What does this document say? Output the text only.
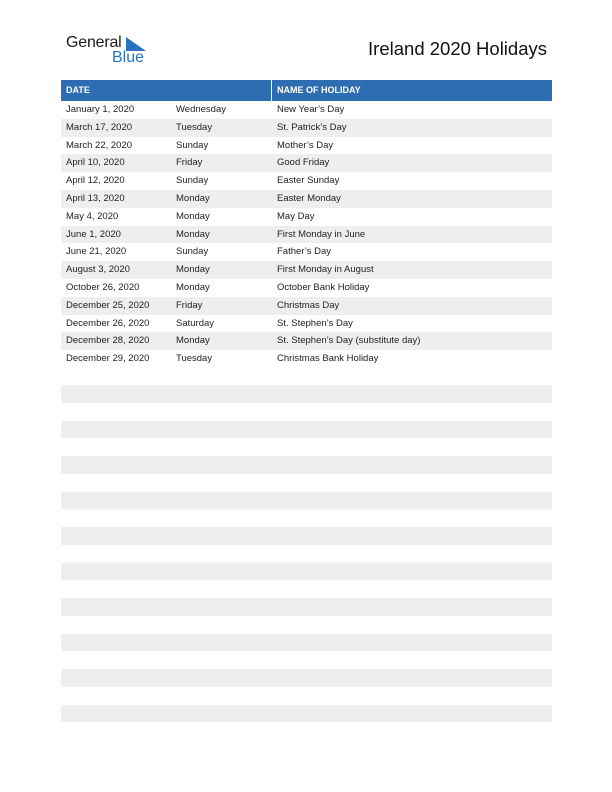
General
Blue	Ireland 2020 Holidays
DATE	NAME OF HOLIDAY
January 1, 2020	Wednesday	New Year’s Day
March 17, 2020	Tuesday	St. Patrick’s Day
March 22, 2020	Sunday	Mother’s Day
April 10, 2020	Friday	Good Friday
April 12, 2020	Sunday	Easter Sunday
April 13, 2020	Monday	Easter Monday
May 4, 2020	Monday	May Day
June 1, 2020	Monday	First Monday in June
June 21, 2020	Sunday	Father’s Day
August 3, 2020	Monday	First Monday in August
October 26, 2020	Monday	October Bank Holiday
December 25, 2020	Friday	Christmas Day
December 26, 2020	Saturday	St. Stephen’s Day
December 28, 2020	Monday	St. Stephen’s Day (substitute day)
December 29, 2020	Tuesday	Christmas Bank Holiday
